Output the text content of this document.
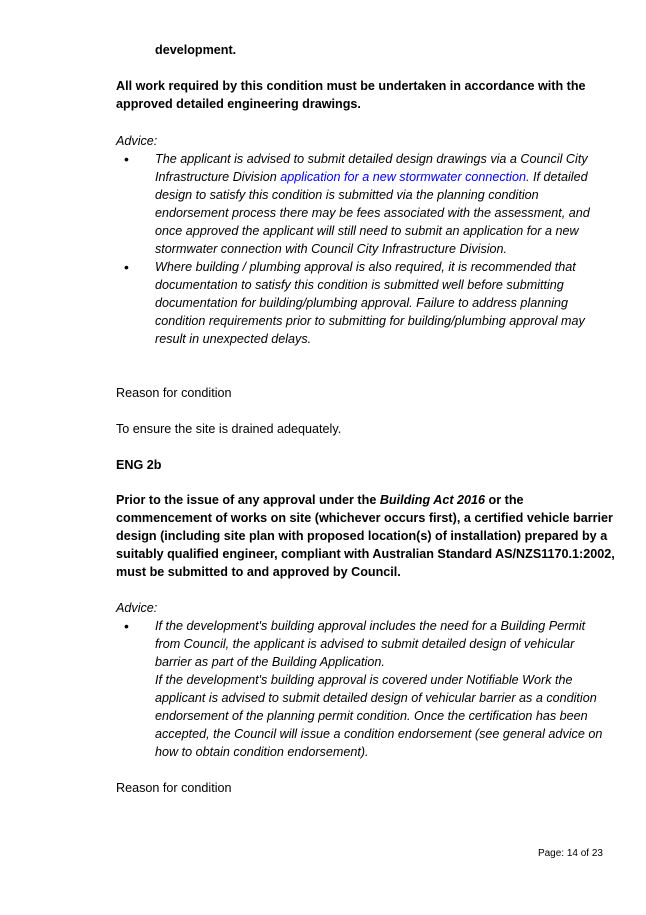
development.
All work required by this condition must be undertaken in accordance with the approved detailed engineering drawings.
Advice:
• The applicant is advised to submit detailed design drawings via a Council City Infrastructure Division application for a new stormwater connection. If detailed design to satisfy this condition is submitted via the planning condition endorsement process there may be fees associated with the assessment, and once approved the applicant will still need to submit an application for a new stormwater connection with Council City Infrastructure Division.
• Where building / plumbing approval is also required, it is recommended that documentation to satisfy this condition is submitted well before submitting documentation for building/plumbing approval. Failure to address planning condition requirements prior to submitting for building/plumbing approval may result in unexpected delays.
Reason for condition
To ensure the site is drained adequately.
ENG 2b
Prior to the issue of any approval under the Building Act 2016 or the commencement of works on site (whichever occurs first), a certified vehicle barrier design (including site plan with proposed location(s) of installation) prepared by a suitably qualified engineer, compliant with Australian Standard AS/NZS1170.1:2002, must be submitted to and approved by Council.
Advice:
• If the development's building approval includes the need for a Building Permit from Council, the applicant is advised to submit detailed design of vehicular barrier as part of the Building Application.
If the development's building approval is covered under Notifiable Work the applicant is advised to submit detailed design of vehicular barrier as a condition endorsement of the planning permit condition. Once the certification has been accepted, the Council will issue a condition endorsement (see general advice on how to obtain condition endorsement).
Reason for condition
Page: 14 of 23
